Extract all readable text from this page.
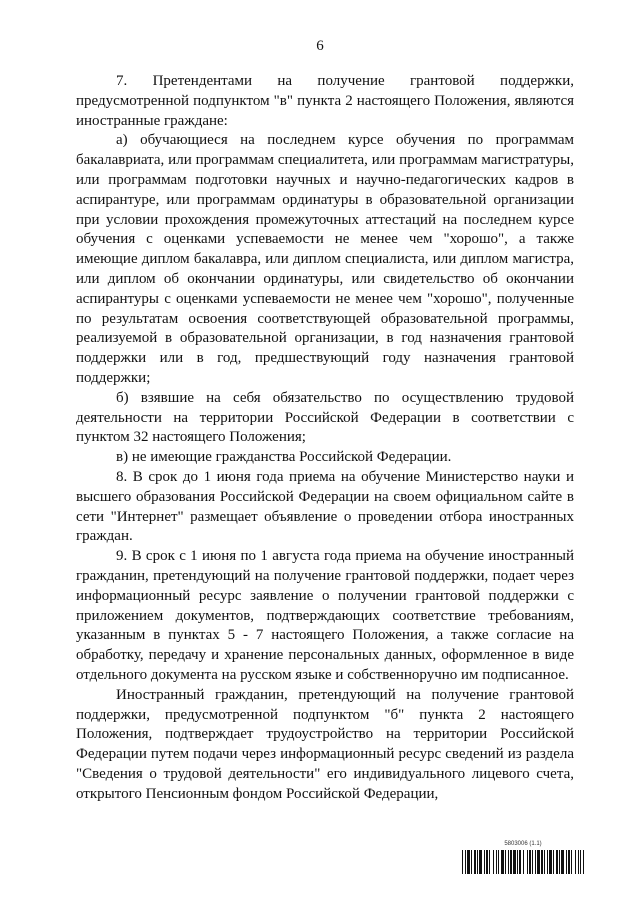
6

7. Претендентами на получение грантовой поддержки, предусмотренной подпунктом "в" пункта 2 настоящего Положения, являются иностранные граждане:

а) обучающиеся на последнем курсе обучения по программам бакалавриата, или программам специалитета, или программам магистратуры, или программам подготовки научных и научно-педагогических кадров в аспирантуре, или программам ординатуры в образовательной организации при условии прохождения промежуточных аттестаций на последнем курсе обучения с оценками успеваемости не менее чем "хорошо", а также имеющие диплом бакалавра, или диплом специалиста, или диплом магистра, или диплом об окончании ординатуры, или свидетельство об окончании аспирантуры с оценками успеваемости не менее чем "хорошо", полученные по результатам освоения соответствующей образовательной программы, реализуемой в образовательной организации, в год назначения грантовой поддержки или в год, предшествующий году назначения грантовой поддержки;

б) взявшие на себя обязательство по осуществлению трудовой деятельности на территории Российской Федерации в соответствии с пунктом 32 настоящего Положения;

в) не имеющие гражданства Российской Федерации.

8. В срок до 1 июня года приема на обучение Министерство науки и высшего образования Российской Федерации на своем официальном сайте в сети "Интернет" размещает объявление о проведении отбора иностранных граждан.

9. В срок с 1 июня по 1 августа года приема на обучение иностранный гражданин, претендующий на получение грантовой поддержки, подает через информационный ресурс заявление о получении грантовой поддержки с приложением документов, подтверждающих соответствие требованиям, указанным в пунктах 5 - 7 настоящего Положения, а также согласие на обработку, передачу и хранение персональных данных, оформленное в виде отдельного документа на русском языке и собственноручно им подписанное.

Иностранный гражданин, претендующий на получение грантовой поддержки, предусмотренной подпунктом "б" пункта 2 настоящего Положения, подтверждает трудоустройство на территории Российской Федерации путем подачи через информационный ресурс сведений из раздела "Сведения о трудовой деятельности" его индивидуального лицевого счета, открытого Пенсионным фондом Российской Федерации,

5803006 (1.1)
